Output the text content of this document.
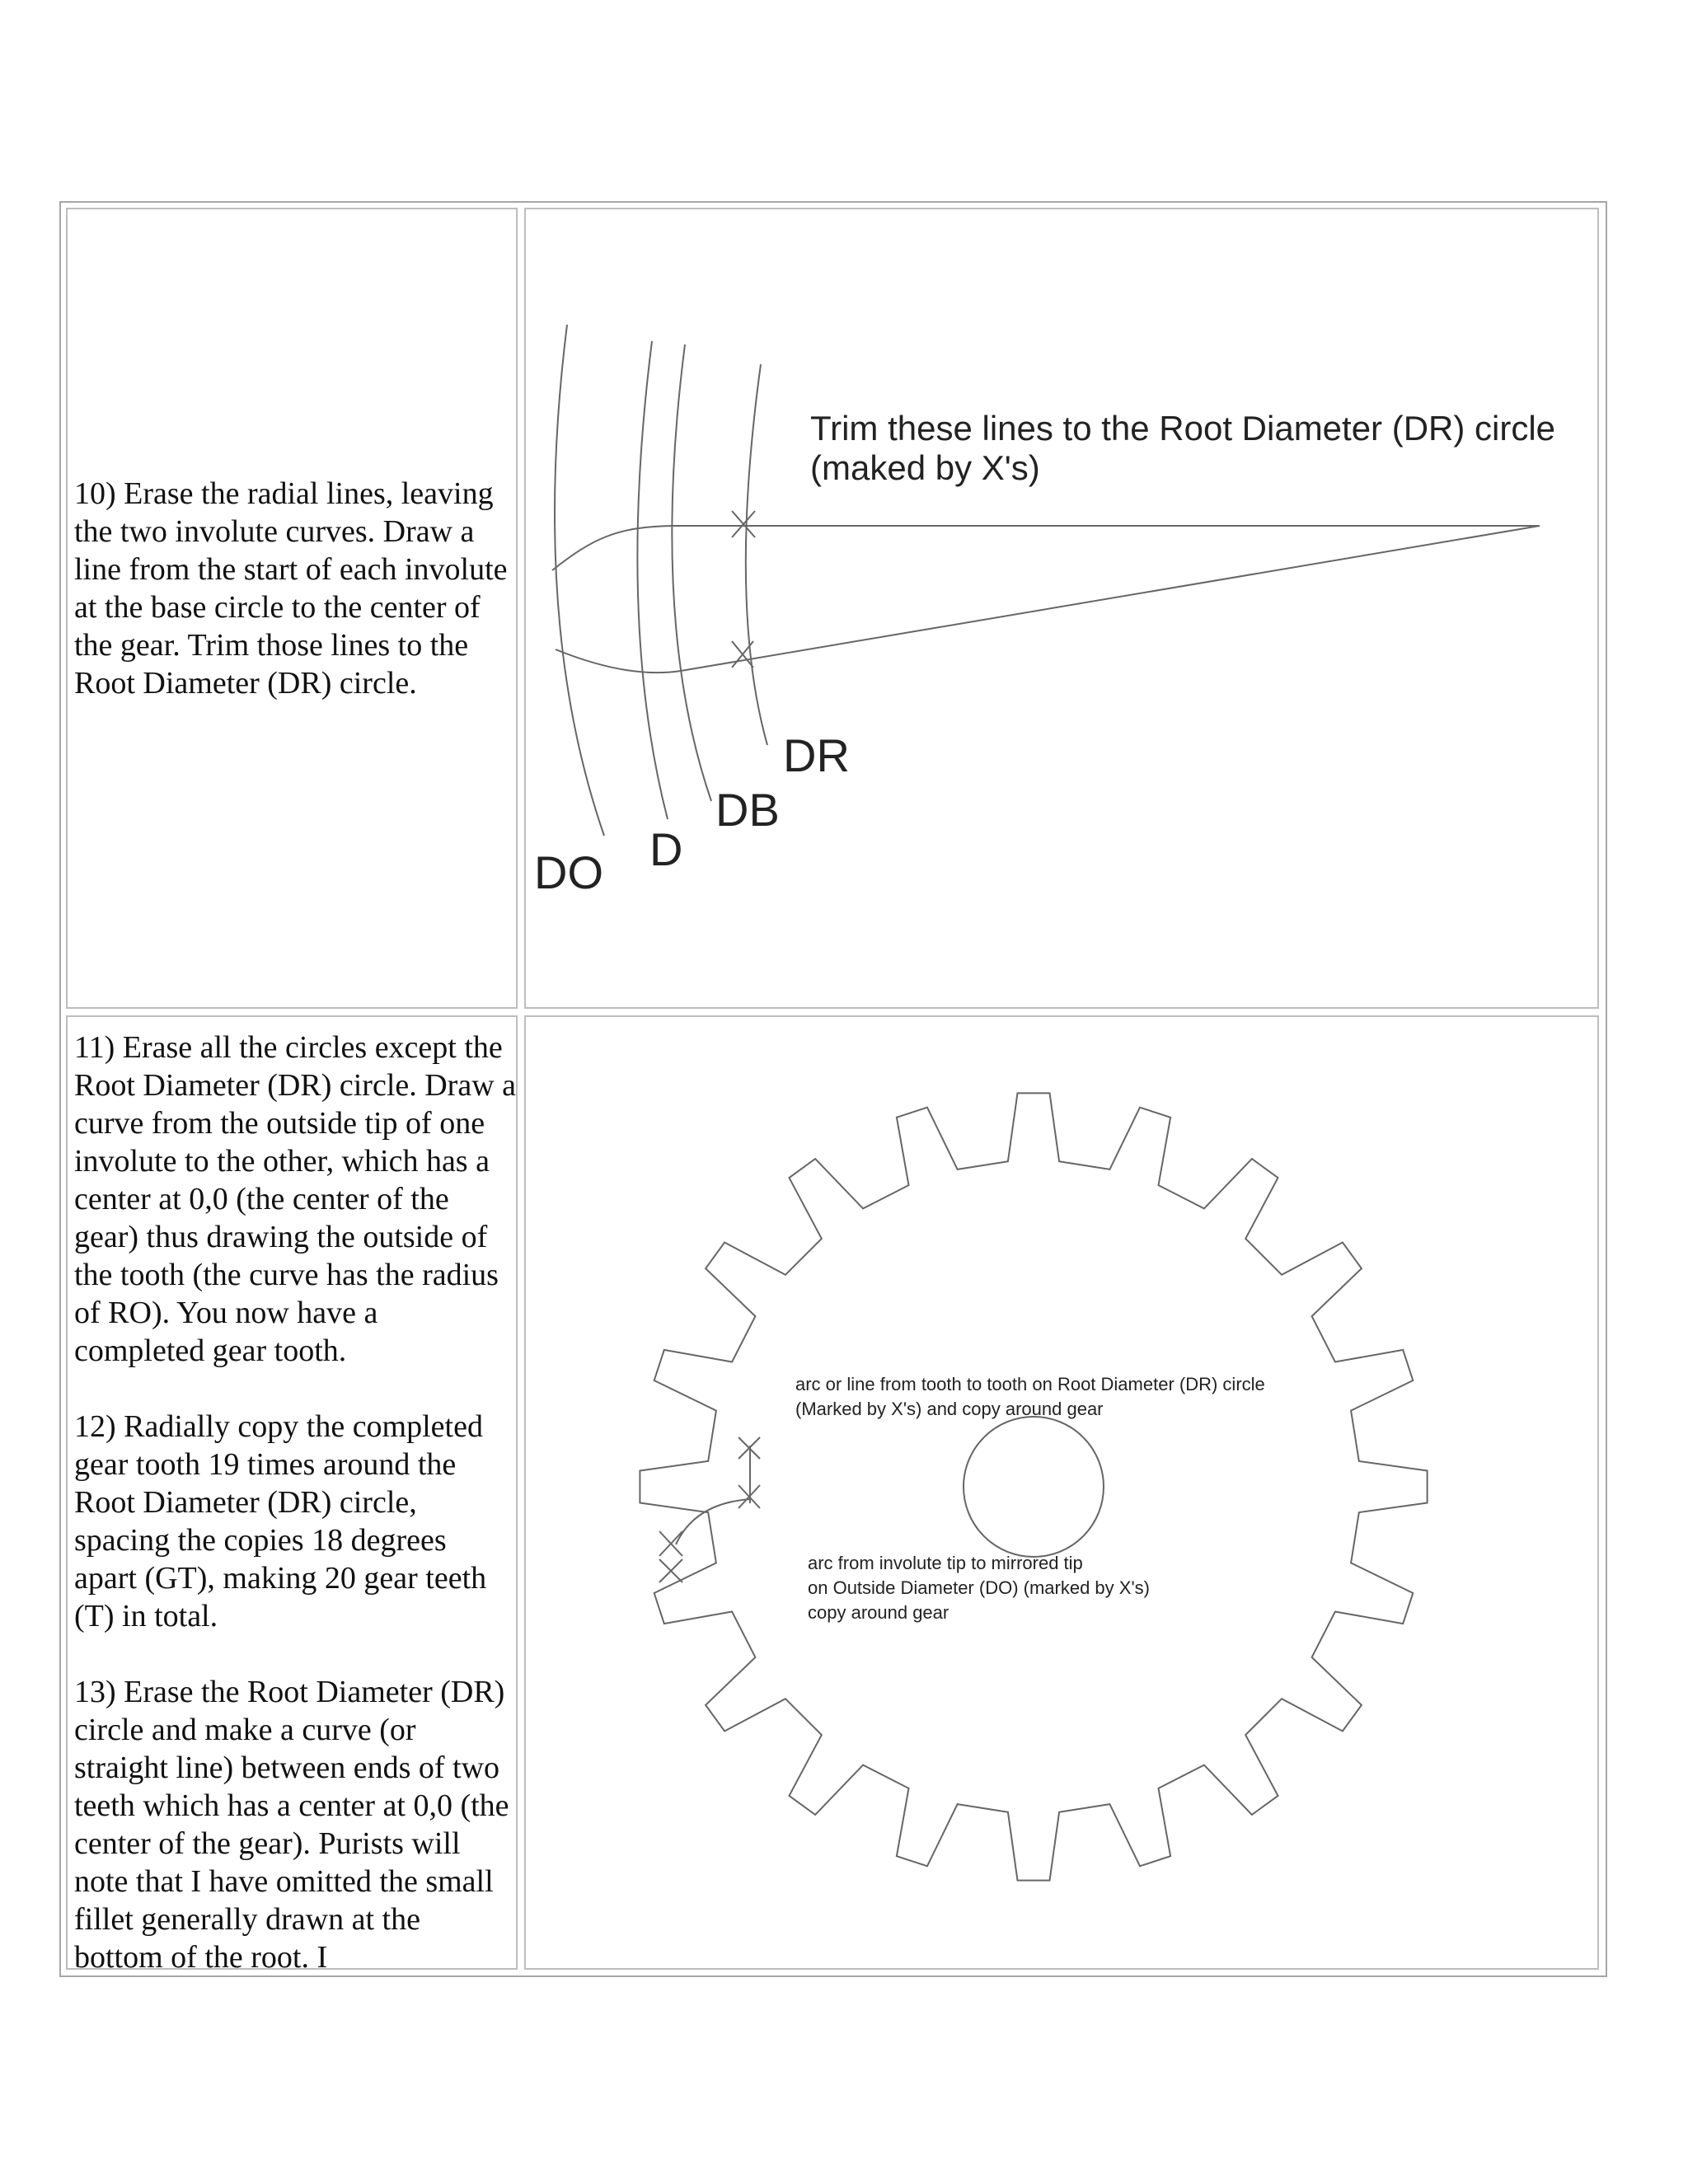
10) Erase the radial lines, leaving the two involute curves. Draw a line from the start of each involute at the base circle to the center of the gear. Trim those lines to the Root Diameter (DR) circle.
Trim these lines to the Root Diameter (DR) circle
(maked by X's)
DO D
DB
DR

11) Erase all the circles except the Root Diameter (DR) circle. Draw a curve from the outside tip of one involute to the other, which has a center at 0,0 (the center of the gear) thus drawing the outside of the tooth (the curve has the radius of RO). You now have a completed gear tooth.

12) Radially copy the completed gear tooth 19 times around the Root Diameter (DR) circle, spacing the copies 18 degrees apart (GT), making 20 gear teeth (T) in total.

13) Erase the Root Diameter (DR) circle and make a curve (or straight line) between ends of two teeth which has a center at 0,0 (the center of the gear). Purists will note that I have omitted the small fillet generally drawn at the bottom of the root. I

arc or line from tooth to tooth on Root Diameter (DR) circle
(Marked by X's) and copy around gear
arc from involute tip to mirrored tip
on Outside Diameter (DO) (marked by X's)
copy around gear
